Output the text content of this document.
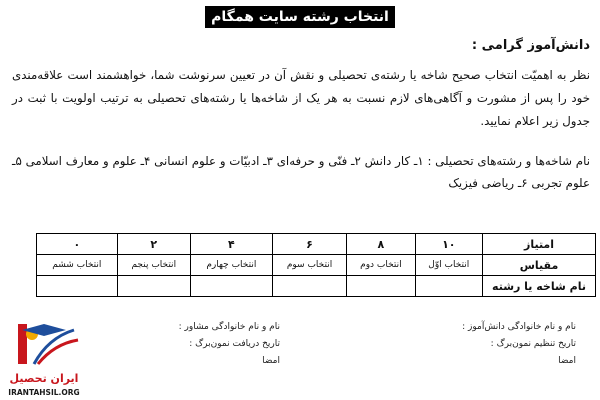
انتخاب رشته سایت همگام
دانش‌آموز گرامی :
نظر به اهمیّت انتخاب صحیح شاخه یا رشته‌ی تحصیلی و نقش آن در تعیین سرنوشت شما، خواهشمند است علاقه‌مندی خود را پس از مشورت و آگاهی‌های لازم نسبت به هر یک از شاخه‌ها یا رشته‌های تحصیلی به ترتیب اولویت با ثبت در جدول زیر اعلام نمایید.
نام شاخه‌ها و رشته‌های تحصیلی : ۱ـ کار دانش ۲ـ فنّی و حرفه‌ای ۳ـ ادبیّات و علوم انسانی ۴ـ علوم و معارف اسلامی ۵ـ علوم تجربی ۶ـ ریاضی فیزیک
امتیاز	۱۰	۸	۶	۴	۲	۰
مقیاس	انتخاب اوّل	انتخاب دوم	انتخاب سوم	انتخاب چهارم	انتخاب پنجم	انتخاب ششم
نام شاخه یا رشته						
نام و نام خانوادگی دانش‌آموز :
تاریخ تنظیم نمون‌برگ :
امضا
نام و نام خانوادگی مشاور :
تاریخ دریافت نمون‌برگ :
امضا
ایران تحصیل
IRANTAHSIL.ORG
